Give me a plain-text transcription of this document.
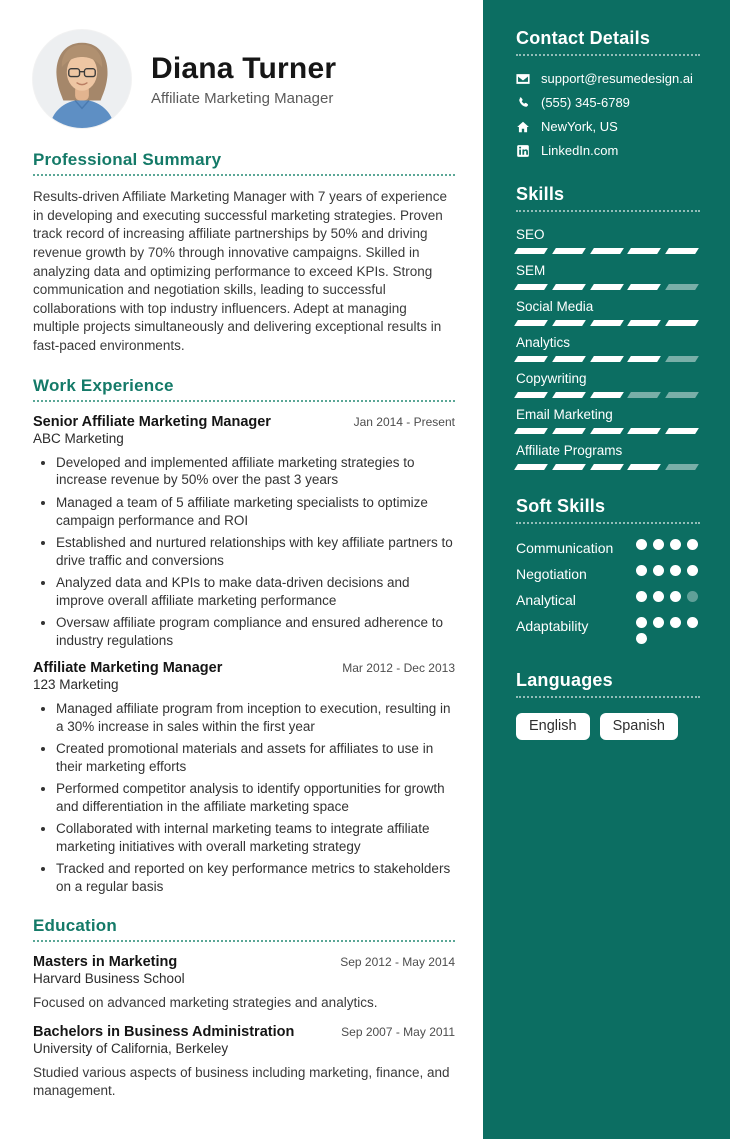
Diana Turner
Affiliate Marketing Manager
Professional Summary

Results-driven Affiliate Marketing Manager with 7 years of experience in developing and executing successful marketing strategies. Proven track record of increasing affiliate partnerships by 50% and driving revenue growth by 70% through innovative campaigns. Skilled in analyzing data and optimizing performance to exceed KPIs. Strong communication and negotiation skills, leading to successful collaborations with top industry influencers. Adept at managing multiple projects simultaneously and delivering exceptional results in fast-paced environments.

Work Experience
Senior Affiliate Marketing Manager	Jan 2014 - Present
ABC Marketing
• Developed and implemented affiliate marketing strategies to increase revenue by 50% over the past 3 years
• Managed a team of 5 affiliate marketing specialists to optimize campaign performance and ROI
• Established and nurtured relationships with key affiliate partners to drive traffic and conversions
• Analyzed data and KPIs to make data-driven decisions and improve overall affiliate marketing performance
• Oversaw affiliate program compliance and ensured adherence to industry regulations
Affiliate Marketing Manager	Mar 2012 - Dec 2013
123 Marketing
• Managed affiliate program from inception to execution, resulting in a 30% increase in sales within the first year
• Created promotional materials and assets for affiliates to use in their marketing efforts
• Performed competitor analysis to identify opportunities for growth and differentiation in the affiliate marketing space
• Collaborated with internal marketing teams to integrate affiliate marketing initiatives with overall marketing strategy
• Tracked and reported on key performance metrics to stakeholders on a regular basis
Education
Masters in Marketing	Sep 2012 - May 2014
Harvard Business School

Focused on advanced marketing strategies and analytics.

Bachelors in Business Administration	Sep 2007 - May 2011
University of California, Berkeley

Studied various aspects of business including marketing, finance, and management.

Contact Details
support@resumedesign.ai
(555) 345-6789
NewYork, US
LinkedIn.com
Skills
SEO
SEM
Social Media
Analytics
Copywriting
Email Marketing
Affiliate Programs
Soft Skills
Communication
Negotiation
Analytical
Adaptability
Languages
English	Spanish
